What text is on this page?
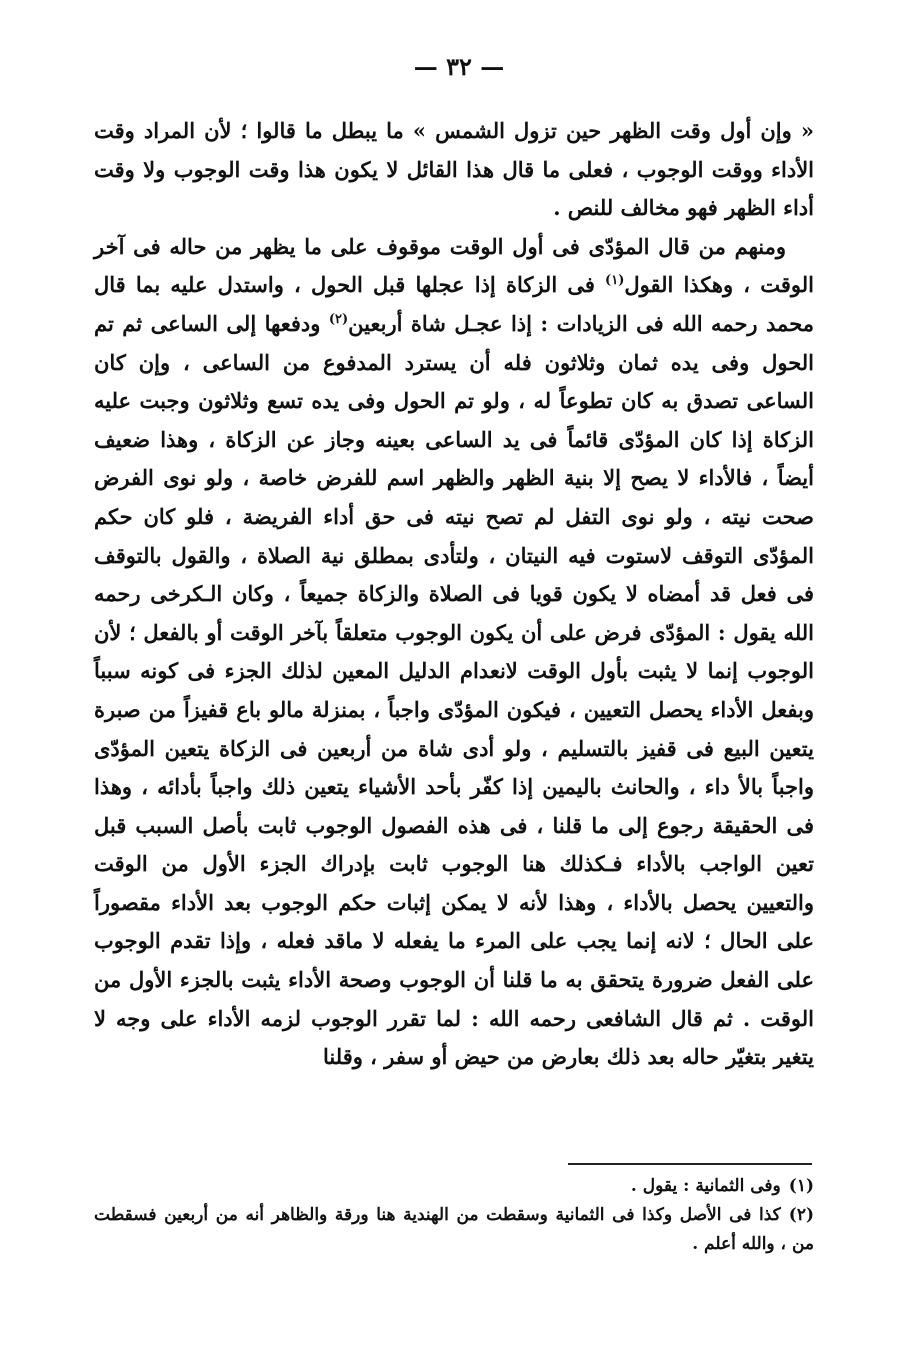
— ٣٢ —

« وإن أول وقت الظهر حين تزول الشمس » ما يبطل ما قالوا ؛ لأن المراد وقت الأداء ووقت الوجوب ، فعلى ما قال هذا القائل لا يكون هذا وقت الوجوب ولا وقت أداء الظهر فهو مخالف للنص .

ومنهم من قال المؤدّى فى أول الوقت موقوف على ما يظهر من حاله فى آخر الوقت ، وهكذا القول$^{(١)}$ فى الزكاة إذا عجلها قبل الحول ، واستدل عليه بما قال محمد رحمه الله فى الزيادات : إذا عجـل شاة أربعين$^{(٢)}$ ودفعها إلى الساعى ثم تم الحول وفى يده ثمان وثلاثون فله أن يسترد المدفوع من الساعى ، وإن كان الساعى تصدق به كان تطوعاً له ، ولو تم الحول وفى يده تسع وثلاثون وجبت عليه الزكاة إذا كان المؤدّى قائماً فى يد الساعى بعينه وجاز عن الزكاة ، وهذا ضعيف أيضاً ، فالأداء لا يصح إلا بنية الظهر والظهر اسم للفرض خاصة ، ولو نوى الفرض صحت نيته ، ولو نوى التفل لم تصح نيته فى حق أداء الفريضة ، فلو كان حكم المؤدّى التوقف لاستوت فيه النيتان ، ولتأدى بمطلق نية الصلاة ، والقول بالتوقف فى فعل قد أمضاه لا يكون قويا فى الصلاة والزكاة جميعاً ، وكان الـكرخى رحمه الله يقول : المؤدّى فرض على أن يكون الوجوب متعلقاً بآخر الوقت أو بالفعل ؛ لأن الوجوب إنما لا يثبت بأول الوقت لانعدام الدليل المعين لذلك الجزء فى كونه سبباً وبفعل الأداء يحصل التعيين ، فيكون المؤدّى واجباً ، بمنزلة مالو باع قفيزاً من صبرة يتعين البيع فى قفيز بالتسليم ، ولو أدى شاة من أربعين فى الزكاة يتعين المؤدّى واجباً بالأ داء ، والحانث باليمين إذا كفّر بأحد الأشياء يتعين ذلك واجباً بأدائه ، وهذا فى الحقيقة رجوع إلى ما قلنا ، فى هذه الفصول الوجوب ثابت بأصل السبب قبل تعين الواجب بالأداء فـكذلك هنا الوجوب ثابت بإدراك الجزء الأول من الوقت والتعيين يحصل بالأداء ، وهذا لأنه لا يمكن إثبات حكم الوجوب بعد الأداء مقصوراً على الحال ؛ لانه إنما يجب على المرء ما يفعله لا ماقد فعله ، وإذا تقدم الوجوب على الفعل ضرورة يتحقق به ما قلنا أن الوجوب وصحة الأداء يثبت بالجزء الأول من الوقت . ثم قال الشافعى رحمه الله : لما تقرر الوجوب لزمه الأداء على وجه لا يتغير بتغيّر حاله بعد ذلك بعارض من حيض أو سفر ، وقلنا

(١)وفى الثمانية : يقول .

(٢)كذا فى الأصل وكذا فى الثمانية وسقطت من الهندية هنا ورقة والظاهر أنه من أربعين فسقطت من ، والله أعلم .
